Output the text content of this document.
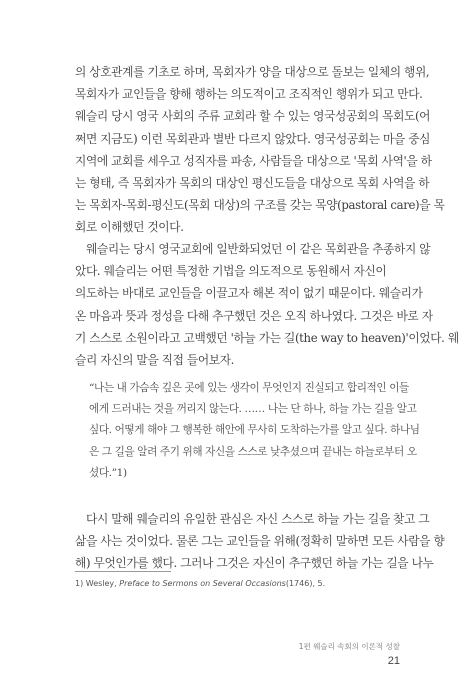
의 상호관계를 기초로 하며, 목회자가 양을 대상으로 돌보는 일체의 행위,
목회자가 교인들을 향해 행하는 의도적이고 조직적인 행위가 되고 만다.
웨슬리 당시 영국 사회의 주류 교회라 할 수 있는 영국성공회의 목회도(어
쩌면 지금도) 이런 목회관과 별반 다르지 않았다. 영국성공회는 마을 중심
지역에 교회를 세우고 성직자를 파송, 사람들을 대상으로 '목회 사역'을 하
는 형태, 즉 목회자가 목회의 대상인 평신도들을 대상으로 목회 사역을 하
는 목회자-목회-평신도(목회 대상)의 구조를 갖는 목양(pastoral care)을 목
회로 이해했던 것이다.
웨슬리는 당시 영국교회에 일반화되었던 이 같은 목회관을 추종하지 않
았다. 웨슬리는 어떤 특정한 기법을 의도적으로 동원해서 자신이
의도하는 바대로 교인들을 이끌고자 해본 적이 없기 때문이다. 웨슬리가
온 마음과 뜻과 정성을 다해 추구했던 것은 오직 하나였다. 그것은 바로 자
기 스스로 소원이라고 고백했던 '하늘 가는 길(the way to heaven)'이었다. 웨
슬리 자신의 말을 직접 들어보자.
“나는 내 가슴속 깊은 곳에 있는 생각이 무엇인지 진실되고 합리적인 이들
에게 드러내는 것을 꺼리지 않는다. …… 나는 단 하나, 하늘 가는 길을 알고
싶다. 어떻게 해야 그 행복한 해안에 무사히 도착하는가를 알고 싶다. 하나님
은 그 길을 알려 주기 위해 자신을 스스로 낮추셨으며 끝내는 하늘로부터 오
셨다.”1)
다시 말해 웨슬리의 유일한 관심은 자신 스스로 하늘 가는 길을 찾고 그
삶을 사는 것이었다. 물론 그는 교인들을 위해(정확히 말하면 모든 사람을 향
해) 무엇인가를 했다. 그러나 그것은 자신이 추구했던 하늘 가는 길을 나누
1) Wesley, Preface to Sermons on Several Occasions(1746), 5.
1편 웨슬리 속회의 이론적 성찰
21
